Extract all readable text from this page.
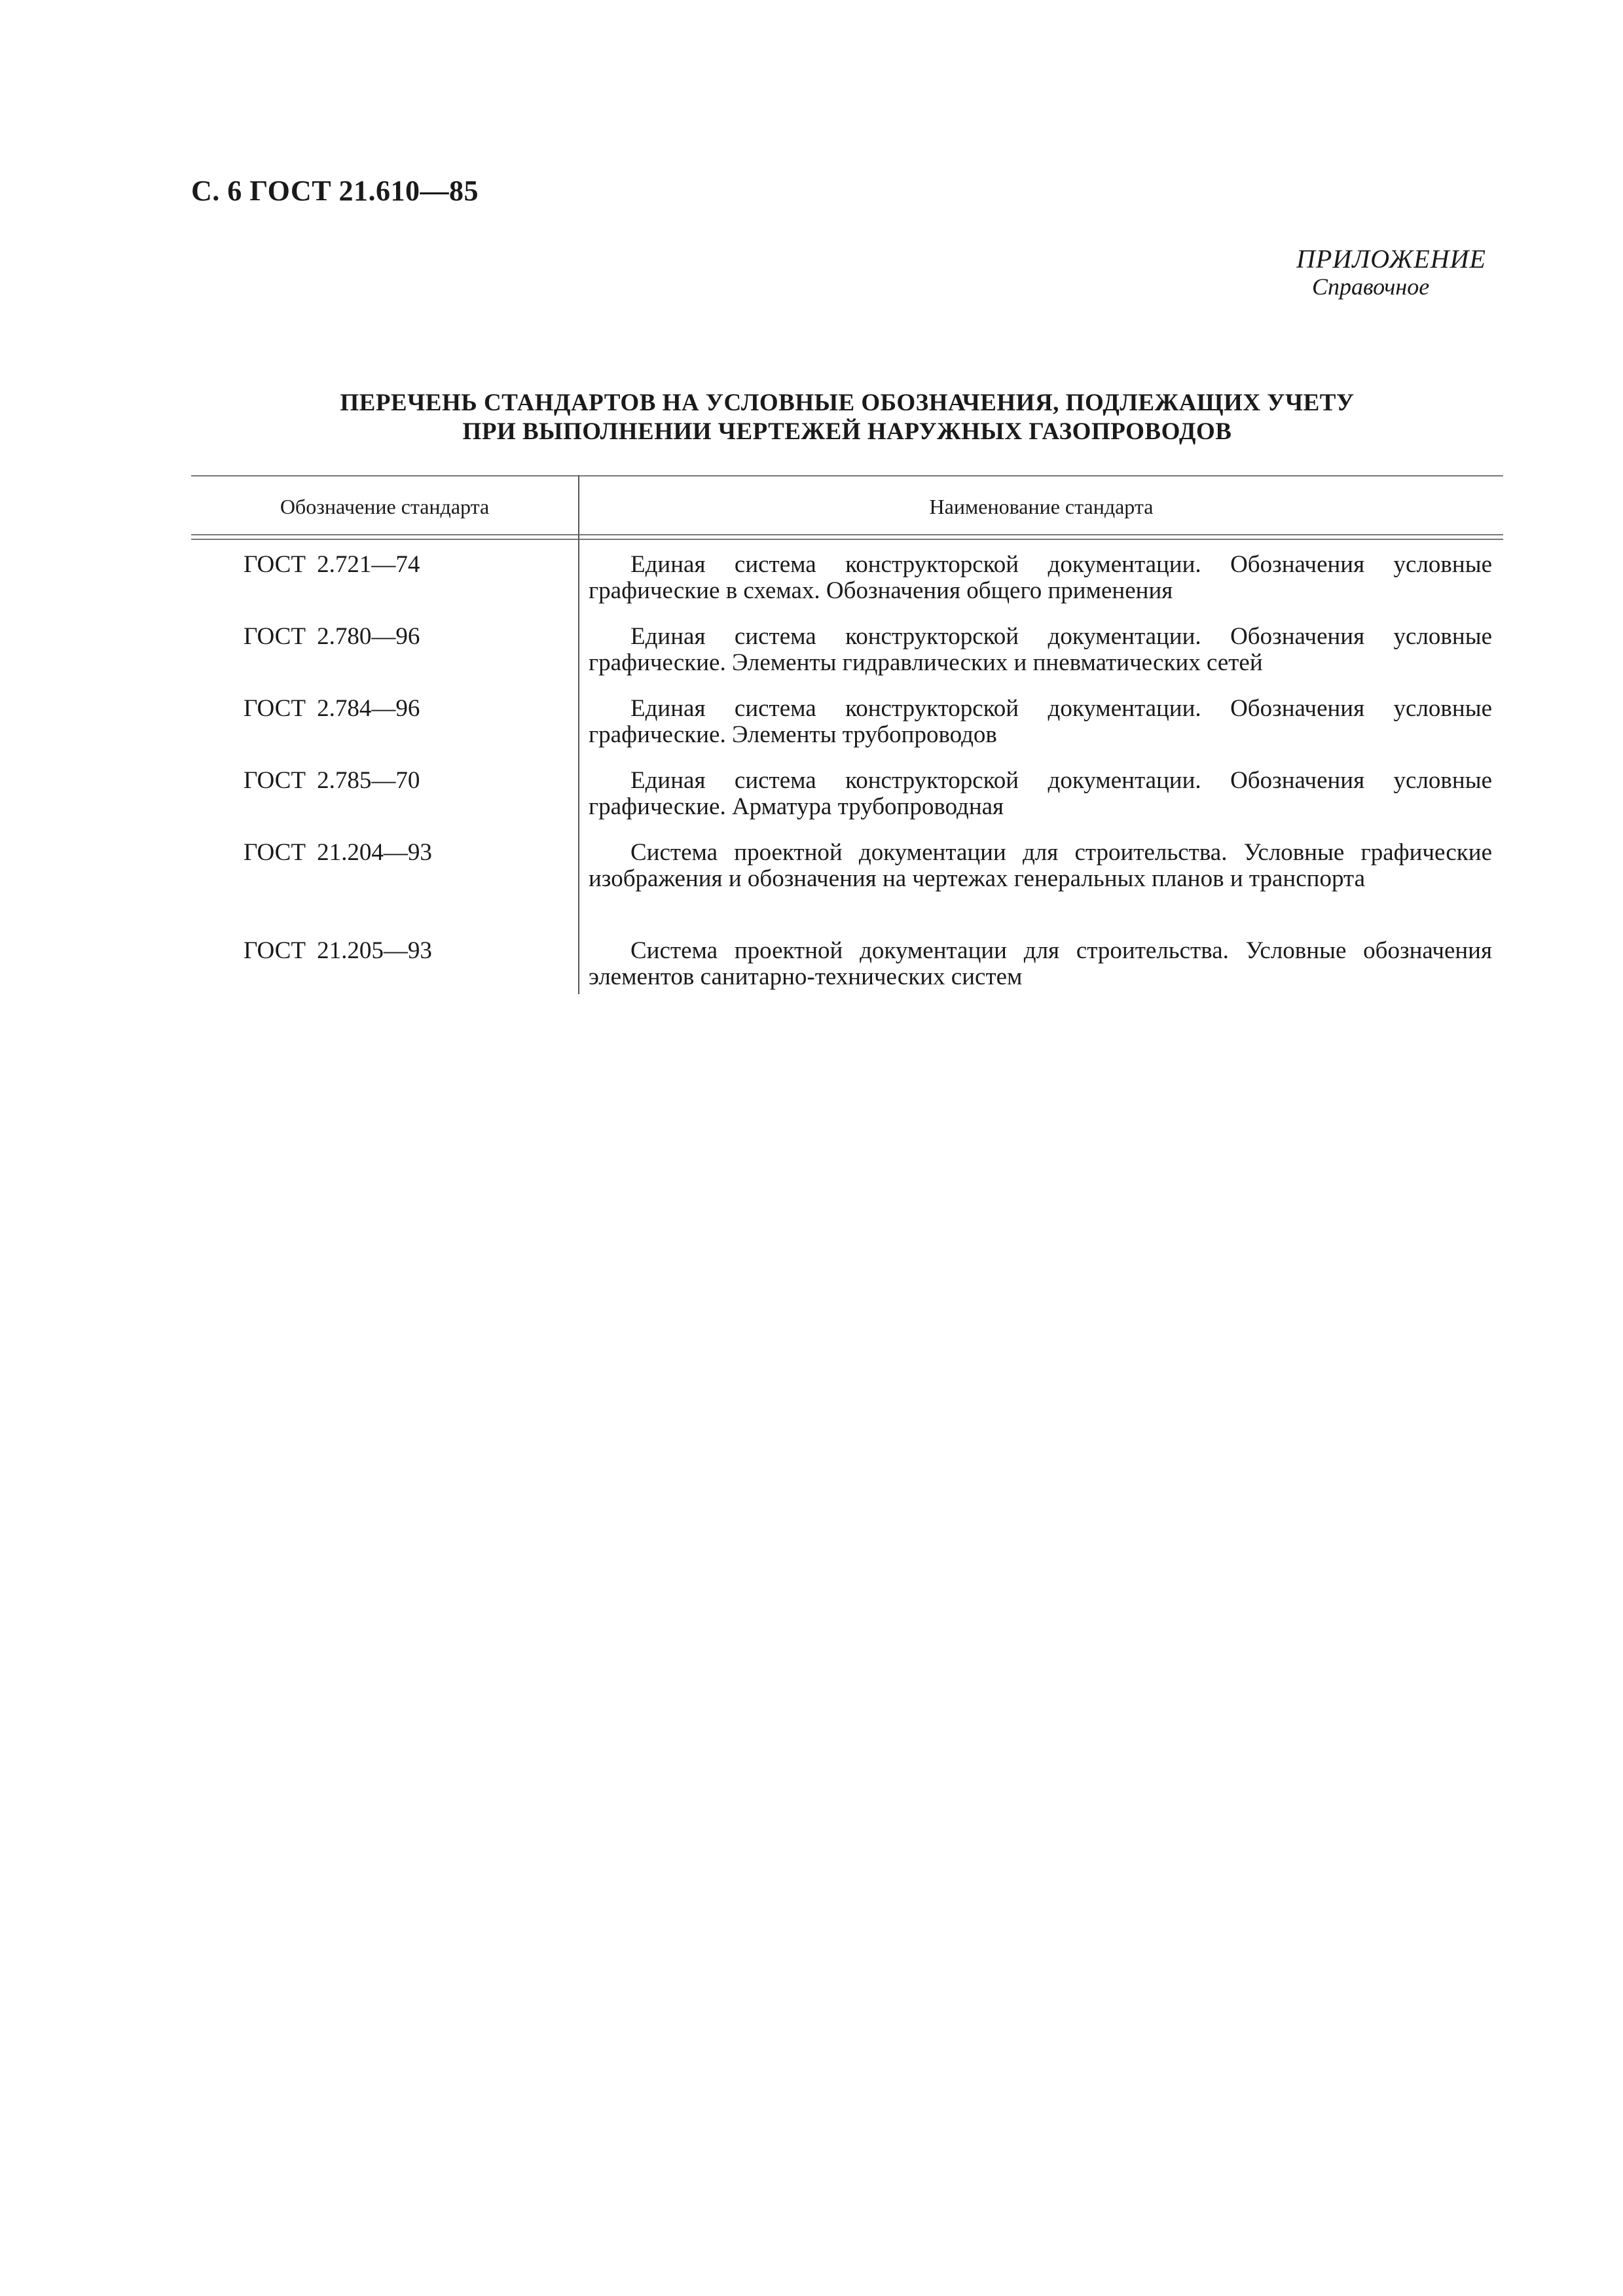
С. 6 ГОСТ 21.610—85
ПРИЛОЖЕНИЕ
Справочное
ПЕРЕЧЕНЬ СТАНДАРТОВ НА УСЛОВНЫЕ ОБОЗНАЧЕНИЯ, ПОДЛЕЖАЩИХ УЧЕТУ
ПРИ ВЫПОЛНЕНИИ ЧЕРТЕЖЕЙ НАРУЖНЫХ ГАЗОПРОВОДОВ
Обозначение стандарта	Наименование стандарта
ГОСТ 2.721—74	Единая система конструкторской документации. Обозначения условные графические в схемах. Обозначения общего применения
ГОСТ 2.780—96	Единая система конструкторской документации. Обозначения условные графические. Элементы гидравлических и пневматических сетей
ГОСТ 2.784—96	Единая система конструкторской документации. Обозначения условные графические. Элементы трубопроводов
ГОСТ 2.785—70	Единая система конструкторской документации. Обозначения условные графические. Арматура трубопроводная
ГОСТ 21.204—93	Система проектной документации для строительства. Условные графические изображения и обозначения на чертежах генеральных планов и транспорта
ГОСТ 21.205—93	Система проектной документации для строительства. Условные обозначения элементов санитарно-технических систем
